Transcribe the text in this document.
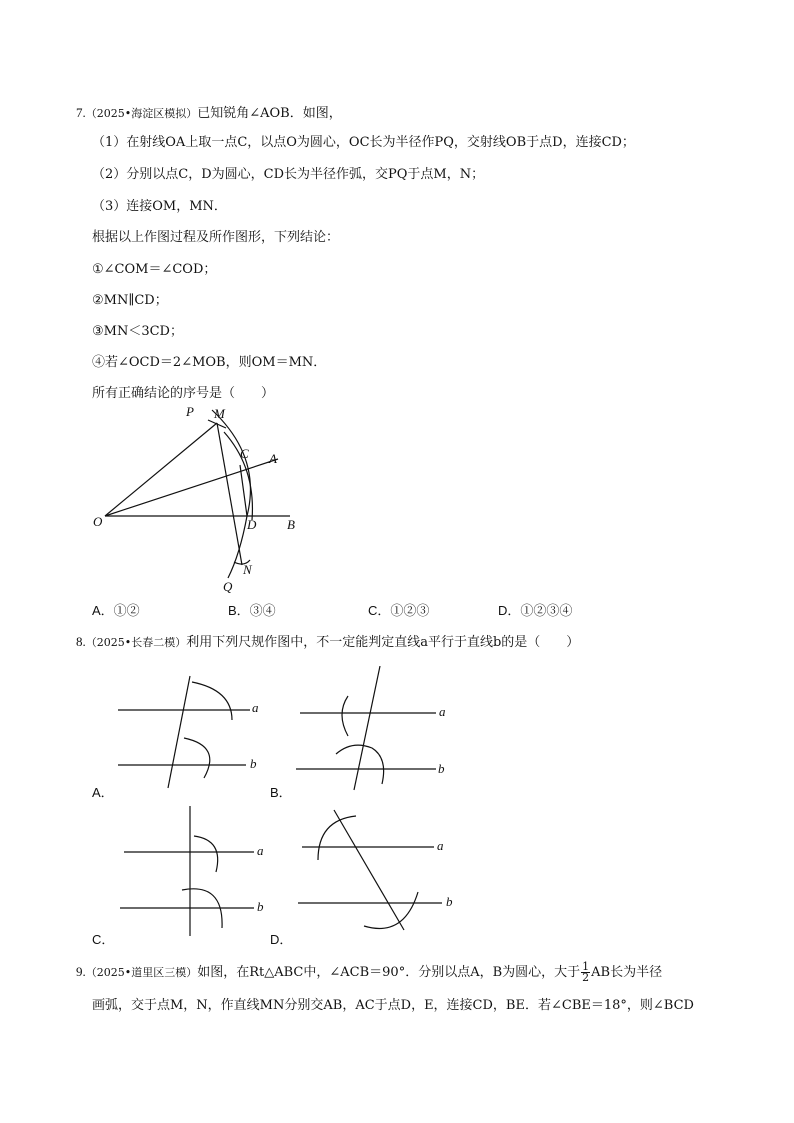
7.（2025•海淀区模拟）已知锐角∠AOB．如图，
（1）在射线OA上取一点C，以点O为圆心，OC长为半径作PQ，交射线OB于点D，连接CD；
（2）分别以点C，D为圆心，CD长为半径作弧，交PQ于点M，N；
（3）连接OM，MN．
根据以上作图过程及所作图形，下列结论：
①∠COM＝∠COD；
②MN∥CD；
③MN＜3CD；
④若∠OCD＝2∠MOB，则OM＝MN．
所有正确结论的序号是（　　）
P M
C A
O	D B
N
Q
A．①②	B．③④	C．①②③	D．①②③④
8.（2025•长春二模）利用下列尺规作图中，不一定能判定直线a平行于直线b的是（　　）
a
b
A．
a
b
B．
a
b
C．
a
b
D．
9.（2025•道里区三模）如图，在Rt△ABC中，∠ACB＝90°．分别以点A，B为圆心，大于 $\frac{1}{2}$ AB长为半径
画弧，交于点M，N，作直线MN分别交AB，AC于点D，E，连接CD，BE．若∠CBE＝18°，则∠BCD
